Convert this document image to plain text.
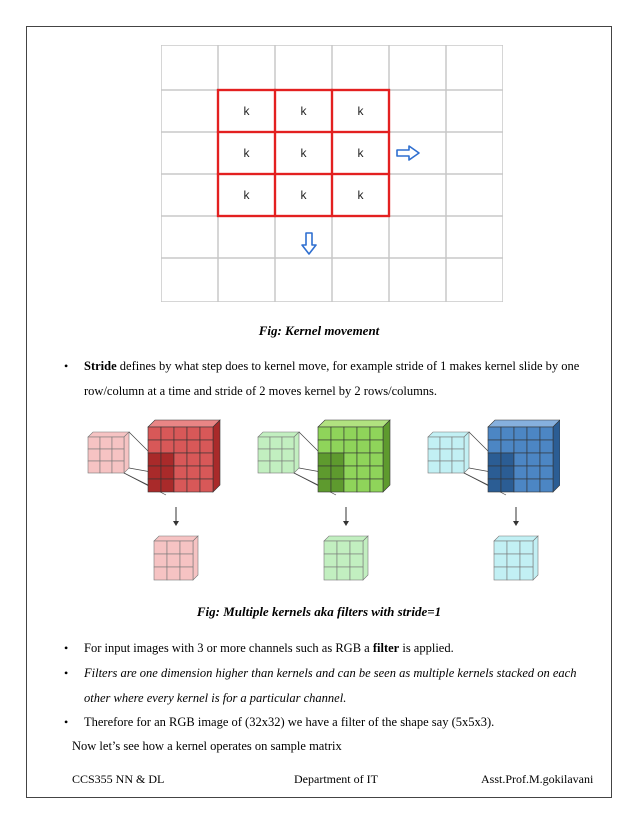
k	k	k
k	k	k
k	k	k
Fig: Kernel movement
• Stride defines by what step does to kernel move, for example stride of 1 makes kernel slide by one
row/column at a time and stride of 2 moves kernel by 2 rows/columns.
Fig: Multiple kernels aka filters with stride=1
• For input images with 3 or more channels such as RGB a filter is applied.
• Filters are one dimension higher than kernels and can be seen as multiple kernels stacked on each
other where every kernel is for a particular channel.
• Therefore for an RGB image of (32x32) we have a filter of the shape say (5x5x3).
Now let’s see how a kernel operates on sample matrix
CCS355 NN & DL	Department of IT	Asst.Prof.M.gokilavani
